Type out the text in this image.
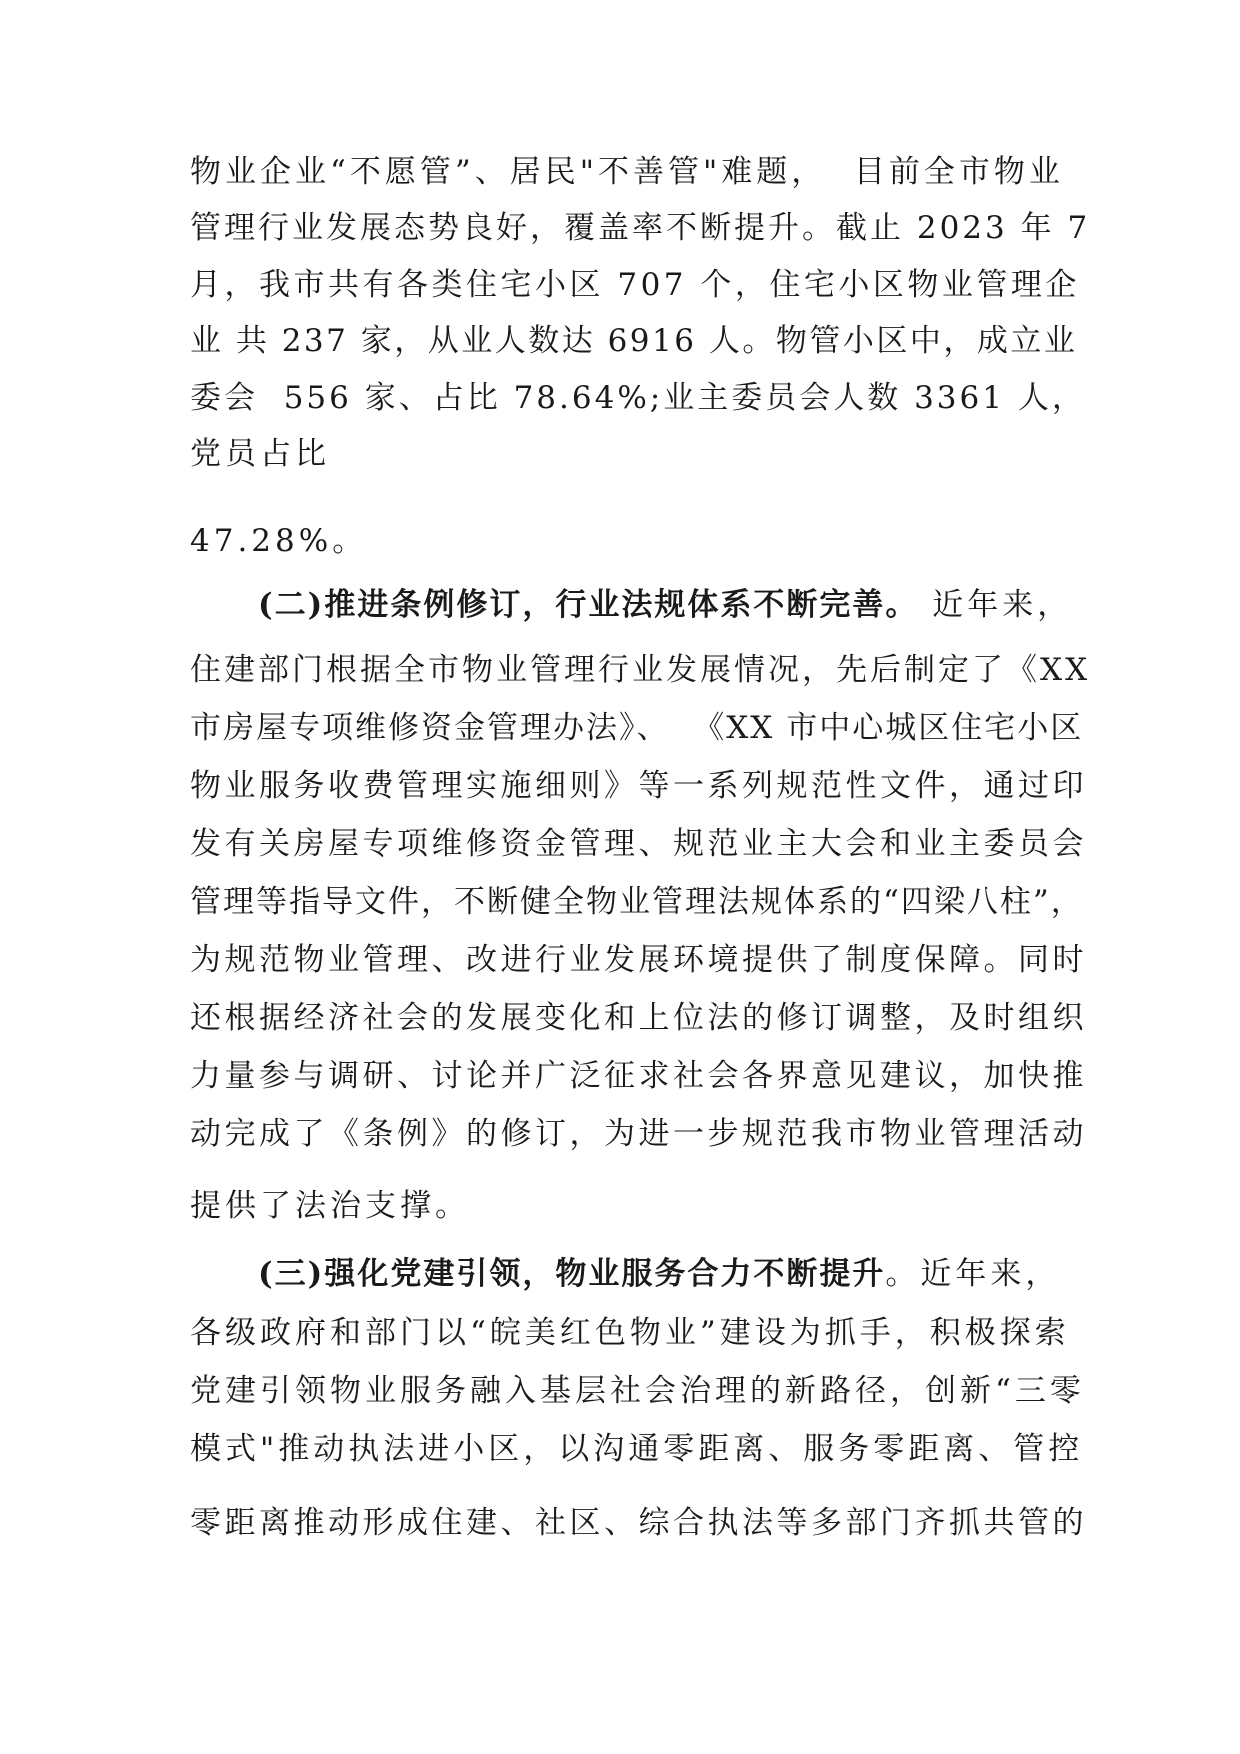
物业企业“不愿管”、居民"不善管"难题，  目前全市物业
管理行业发展态势良好，覆盖率不断提升。截止 2023 年 7
月，我市共有各类住宅小区 707 个，住宅小区物业管理企
业 共 237 家，从业人数达 6916 人。物管小区中，成立业
委会  556 家、占比 78.64%;业主委员会人数 3361 人，
党员占比
47.28%。
(二)推进条例修订，行业法规体系不断完善。 近年来，
住建部门根据全市物业管理行业发展情况，先后制定了《XX
市房屋专项维修资金管理办法》、  《XX 市中心城区住宅小区
物业服务收费管理实施细则》等一系列规范性文件，通过印
发有关房屋专项维修资金管理、规范业主大会和业主委员会
管理等指导文件，不断健全物业管理法规体系的“四梁八柱”，
为规范物业管理、改进行业发展环境提供了制度保障。同时
还根据经济社会的发展变化和上位法的修订调整，及时组织
力量参与调研、讨论并广泛征求社会各界意见建议，加快推
动完成了《条例》的修订，为进一步规范我市物业管理活动
提供了法治支撑。
(三)强化党建引领，物业服务合力不断提升。近年来，
各级政府和部门以“皖美红色物业”建设为抓手，积极探索
党建引领物业服务融入基层社会治理的新路径，创新“三零
模式"推动执法进小区，以沟通零距离、服务零距离、管控
零距离推动形成住建、社区、综合执法等多部门齐抓共管的
